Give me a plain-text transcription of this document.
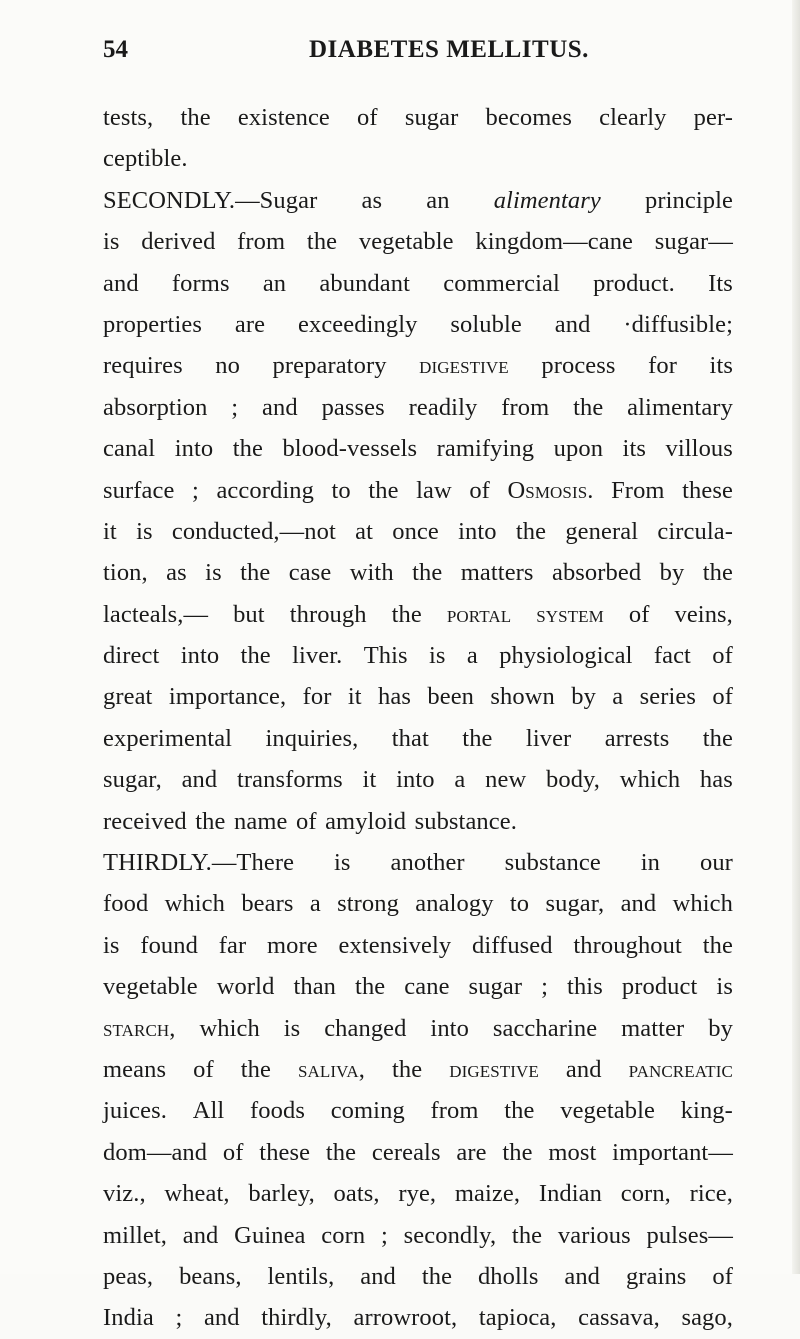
54	DIABETES MELLITUS.
tests, the existence of sugar becomes clearly per-
ceptible.
SECONDLY.—Sugar as an alimentary principle
is derived from the vegetable kingdom—cane sugar—
and forms an abundant commercial product. Its
properties are exceedingly soluble and ·diffusible;
requires no preparatory digestive process for its
absorption ; and passes readily from the alimentary
canal into the blood-vessels ramifying upon its villous
surface ; according to the law of Osmosis. From these
it is conducted,—not at once into the general circula-
tion, as is the case with the matters absorbed by the
lacteals,— but through the portal system of veins,
direct into the liver. This is a physiological fact of
great importance, for it has been shown by a series of
experimental inquiries, that the liver arrests the
sugar, and transforms it into a new body, which has
received the name of amyloid substance.
THIRDLY.—There is another substance in our
food which bears a strong analogy to sugar, and which
is found far more extensively diffused throughout the
vegetable world than the cane sugar ; this product is
starch, which is changed into saccharine matter by
means of the saliva, the digestive and pancreatic
juices. All foods coming from the vegetable king-
dom—and of these the cereals are the most important—
viz., wheat, barley, oats, rye, maize, Indian corn, rice,
millet, and Guinea corn ; secondly, the various pulses—
peas, beans, lentils, and the dholls and grains of
India ; and thirdly, arrowroot, tapioca, cassava, sago,
